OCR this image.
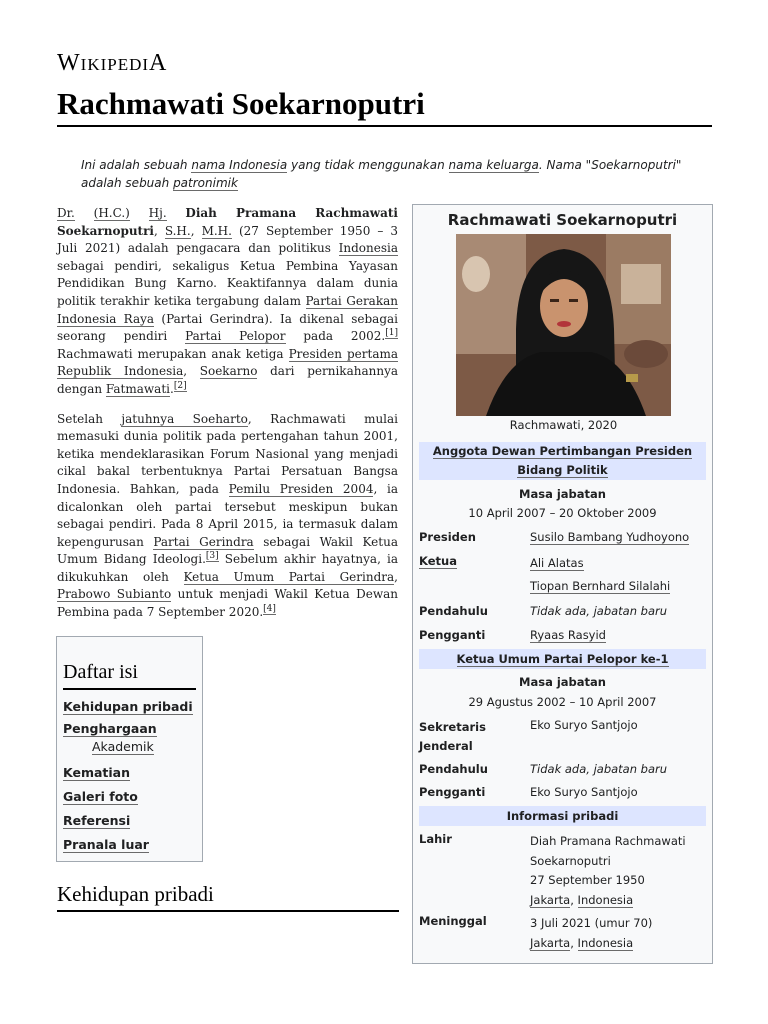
WIKIPEDIA
Rachmawati Soekarnoputri
Ini adalah sebuah nama Indonesia yang tidak menggunakan nama keluarga. Nama "Soekarnoputri" adalah sebuah patronimik

Dr. (H.C.) Hj. Diah Pramana Rachmawati Soekarnoputri, S.H., M.H. (27 September 1950 – 3 Juli 2021) adalah pengacara dan politikus Indonesia sebagai pendiri, sekaligus Ketua Pembina Yayasan Pendidikan Bung Karno. Keaktifannya dalam dunia politik terakhir ketika tergabung dalam Partai Gerakan Indonesia Raya (Partai Gerindra). Ia dikenal sebagai seorang pendiri Partai Pelopor pada 2002.[1] Rachmawati merupakan anak ketiga Presiden pertama Republik Indonesia, Soekarno dari pernikahannya dengan Fatmawati.[2]

Setelah jatuhnya Soeharto, Rachmawati mulai memasuki dunia politik pada pertengahan tahun 2001, ketika mendeklarasikan Forum Nasional yang menjadi cikal bakal terbentuknya Partai Persatuan Bangsa Indonesia. Bahkan, pada Pemilu Presiden 2004, ia dicalonkan oleh partai tersebut meskipun bukan sebagai pendiri. Pada 8 April 2015, ia termasuk dalam kepengurusan Partai Gerindra sebagai Wakil Ketua Umum Bidang Ideologi.[3] Sebelum akhir hayatnya, ia dikukuhkan oleh Ketua Umum Partai Gerindra, Prabowo Subianto untuk menjadi Wakil Ketua Dewan Pembina pada 7 September 2020.[4]

Daftar isi
Kehidupan pribadi
Penghargaan
Akademik
Kematian
Galeri foto
Referensi
Pranala luar
Kehidupan pribadi
Rachmawati Soekarnoputri
Rachmawati, 2020
Anggota Dewan Pertimbangan Presiden Bidang Politik
Masa jabatan
10 April 2007 – 20 Oktober 2009
Presiden	Susilo Bambang Yudhoyono
Ketua	Ali Alatas
Tiopan Bernhard Silalahi
Pendahulu	Tidak ada, jabatan baru
Pengganti	Ryaas Rasyid
Ketua Umum Partai Pelopor ke-1
Masa jabatan
29 Agustus 2002 – 10 April 2007
Sekretaris
Jenderal
Eko Suryo Santjojo
Pendahulu	Tidak ada, jabatan baru
Pengganti	Eko Suryo Santjojo
Informasi pribadi
Lahir	Diah Pramana Rachmawati
Soekarnoputri
27 September 1950
Jakarta, Indonesia
Meninggal	3 Juli 2021 (umur 70)
Jakarta, Indonesia
